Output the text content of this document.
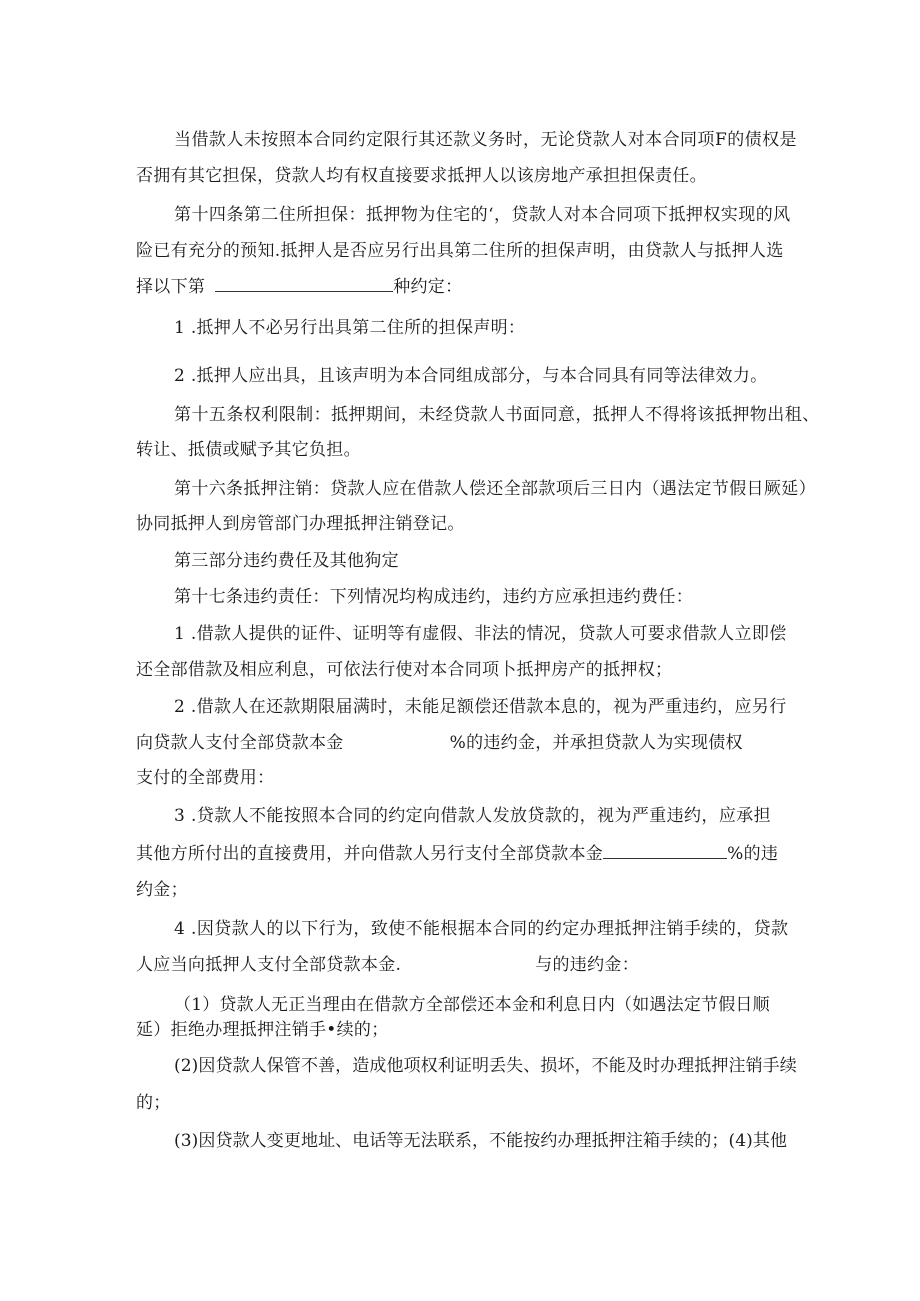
当借款人未按照本合同约定限行其还款义务时，无论贷款人对本合同项F的债权是
否拥有其它担保，贷款人均有权直接要求抵押人以该房地产承担担保责任。
第十四条第二住所担保：抵押物为住宅的‘，贷款人对本合同项下抵押权实现的风
险已有充分的预知.抵押人是否应另行出具第二住所的担保声明，由贷款人与抵押人选
择以下第	种约定：
1 .抵押人不必另行出具第二住所的担保声明：
2 .抵押人应出具，且该声明为本合同组成部分，与本合同具有同等法律效力。
第十五条权利限制：抵押期间，未经贷款人书面同意，抵押人不得将该抵押物出租、
转让、抵债或赋予其它负担。
第十六条抵押注销：贷款人应在借款人偿还全部款项后三日内（遇法定节假日厥延）
协同抵押人到房管部门办理抵押注销登记。
第三部分违约费任及其他狗定
第十七条违约责任：下列情况均构成违约，违约方应承担违约费任：
1 .借款人提供的证件、证明等有虚假、非法的情况，贷款人可要求借款人立即偿
还全部借款及相应利息，可依法行使对本合同项卜抵押房产的抵押权；
2 .借款人在还款期限届满时，未能足额偿还借款本息的，视为严重违约，应另行
向贷款人支付全部贷款本金	%的违约金，并承担贷款人为实现债权
支付的全部费用：
3 .贷款人不能按照本合同的约定向借款人发放贷款的，视为严重违约，应承担
其他方所付出的直接费用，并向借款人另行支付全部贷款本金	%的违
约金；
4 .因贷款人的以下行为，致使不能根据本合同的约定办理抵押注销手续的，贷款
人应当向抵押人支付全部贷款本金.	与的违约金：
（1）贷款人无正当理由在借款方全部偿还本金和利息日内（如遇法定节假日顺
延）拒绝办理抵押注销手•续的；
(2)因贷款人保管不善，造成他项权利证明丢失、损坏，不能及时办理抵押注销手续
的；
(3)因贷款人变更地址、电话等无法联系，不能按约办理抵押注箱手续的；(4)其他
